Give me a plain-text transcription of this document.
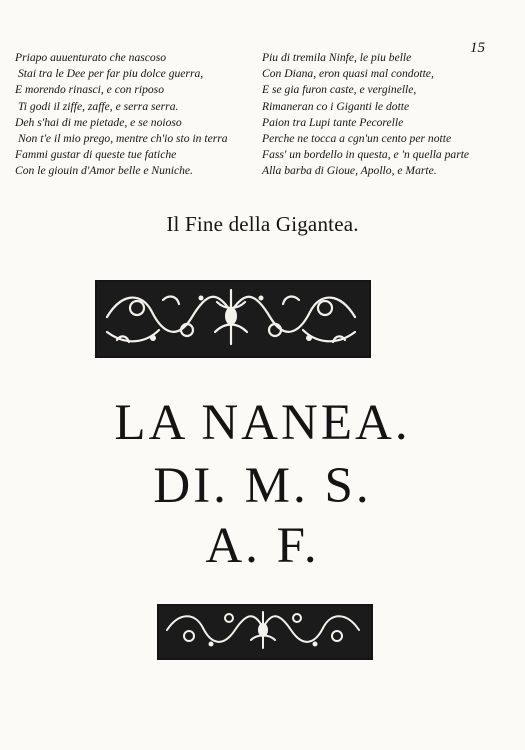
15
Priapo auuenturato che nascoso
Stai tra le Dee per far piu dolce guerra,
E morendo rinasci, e con riposo
Ti godi il ziffe, zaffe, e serra serra.
Deh s'hai di me pietade, e se noioso
Non t'e il mio prego, mentre ch'io sto in terra
Fammi gustar di queste tue fatiche
Con le giouin d'Amor belle e Nuniche.
Piu di tremila Ninfe, le piu belle
Con Diana, eron quasi mal condotte,
E se gia furon caste, e verginelle,
Rimaneran co i Giganti le dotte
Paion tra Lupi tante Pecorelle
Perche ne tocca a cgn'un cento per notte
Fass' un bordello in questa, e 'n quella parte
Alla barba di Gioue, Apollo, e Marte.
Il Fine della Gigantea.
LA NANEA.
DI. M. S.
A. F.
